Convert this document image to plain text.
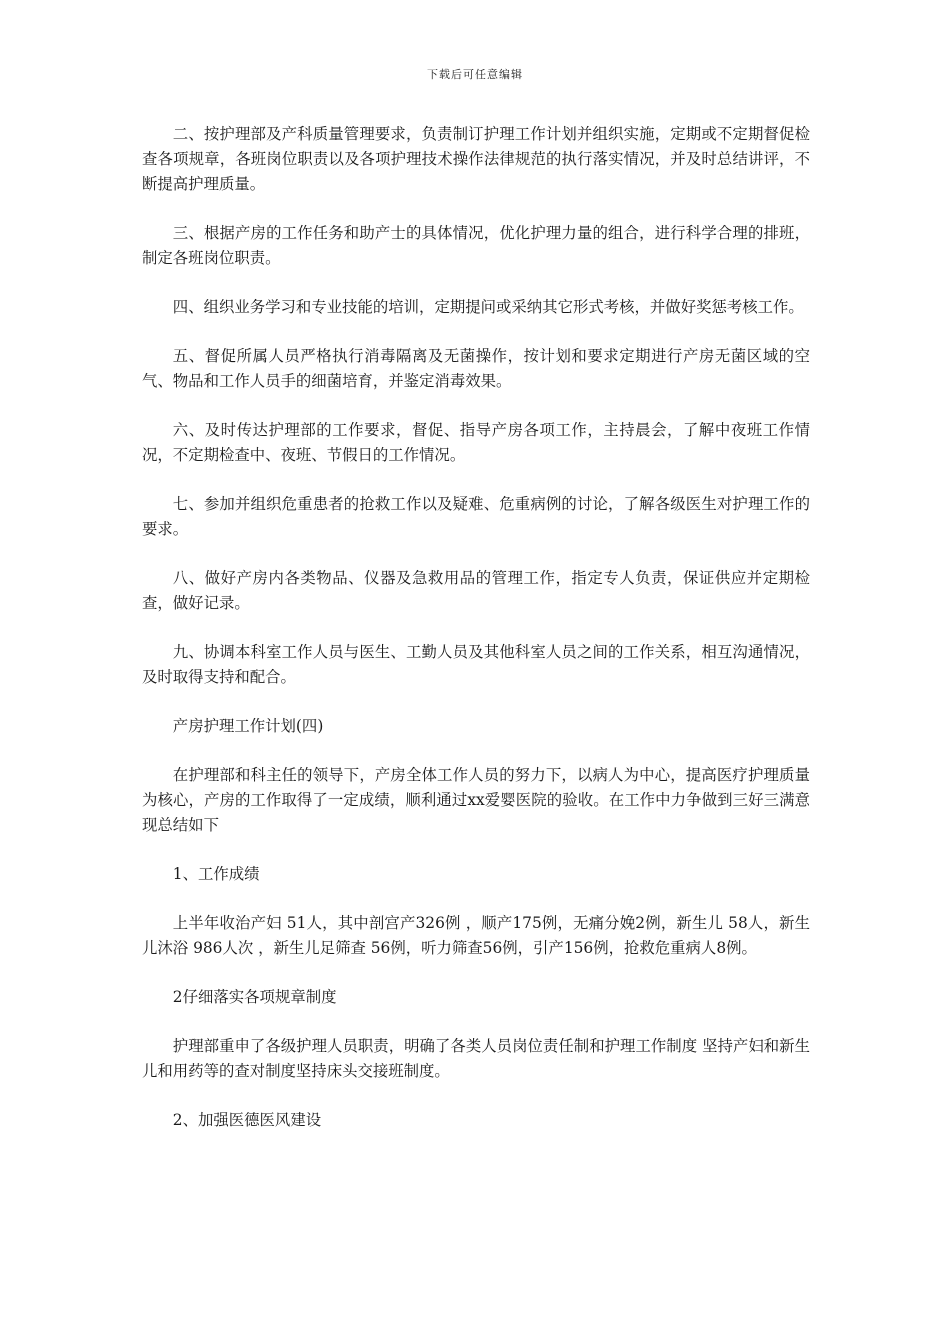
下载后可任意编辑

二、按护理部及产科质量管理要求，负责制订护理工作计划并组织实施，定期或不定期督促检查各项规章，各班岗位职责以及各项护理技术操作法律规范的执行落实情况，并及时总结讲评，不断提高护理质量。

三、根据产房的工作任务和助产士的具体情况，优化护理力量的组合，进行科学合理的排班，制定各班岗位职责。

四、组织业务学习和专业技能的培训，定期提问或采纳其它形式考核，并做好奖惩考核工作。

五、督促所属人员严格执行消毒隔离及无菌操作，按计划和要求定期进行产房无菌区域的空气、物品和工作人员手的细菌培育，并鉴定消毒效果。

六、及时传达护理部的工作要求，督促、指导产房各项工作，主持晨会，了解中夜班工作情况，不定期检查中、夜班、节假日的工作情况。

七、参加并组织危重患者的抢救工作以及疑难、危重病例的讨论，了解各级医生对护理工作的要求。

八、做好产房内各类物品、仪器及急救用品的管理工作，指定专人负责，保证供应并定期检查，做好记录。

九、协调本科室工作人员与医生、工勤人员及其他科室人员之间的工作关系，相互沟通情况，及时取得支持和配合。

产房护理工作计划(四)

在护理部和科主任的领导下，产房全体工作人员的努力下，以病人为中心，提高医疗护理质量为核心，产房的工作取得了一定成绩，顺利通过xx爱婴医院的验收。在工作中力争做到三好三满意现总结如下

1、工作成绩

上半年收治产妇 51人，其中剖宫产326例 ，顺产175例，无痛分娩2例，新生儿 58人，新生儿沐浴 986人次 ，新生儿足筛查 56例，听力筛查56例，引产156例，抢救危重病人8例。

2仔细落实各项规章制度

护理部重申了各级护理人员职责，明确了各类人员岗位责任制和护理工作制度 坚持产妇和新生儿和用药等的查对制度坚持床头交接班制度。

2、加强医德医风建设
